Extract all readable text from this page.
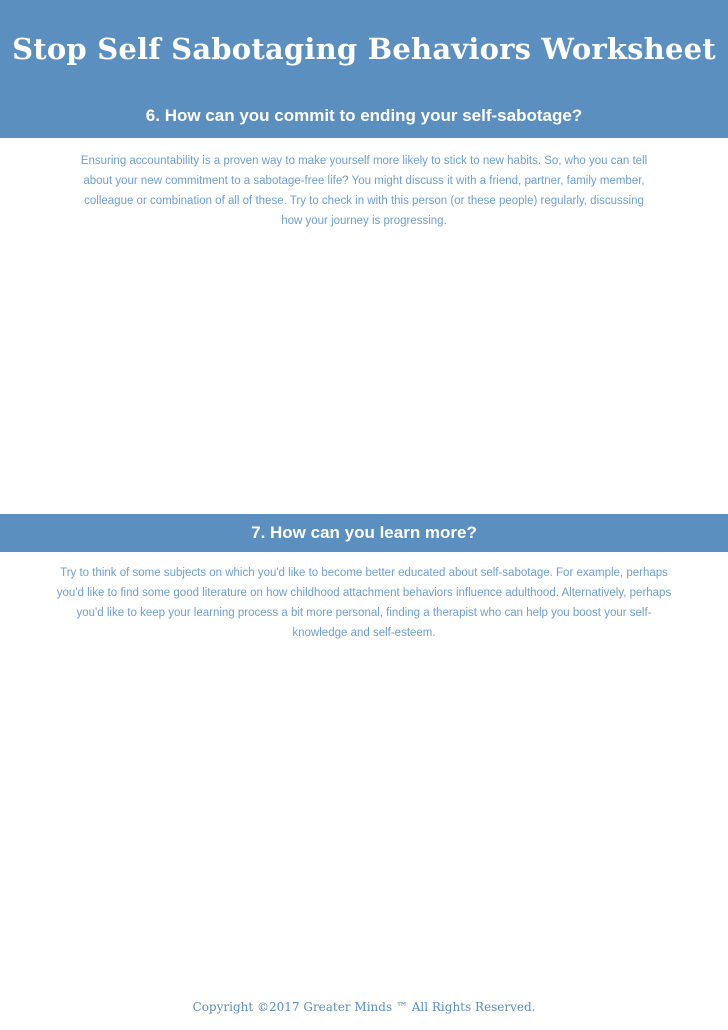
Stop Self Sabotaging Behaviors Worksheet
6. How can you commit to ending your self-sabotage?

Ensuring accountability is a proven way to make yourself more likely to stick to new habits. So, who you can tell about your new commitment to a sabotage-free life? You might discuss it with a friend, partner, family member, colleague or combination of all of these. Try to check in with this person (or these people) regularly, discussing how your journey is progressing.

7. How can you learn more?

Try to think of some subjects on which you'd like to become better educated about self-sabotage. For example, perhaps you'd like to find some good literature on how childhood attachment behaviors influence adulthood. Alternatively, perhaps you'd like to keep your learning process a bit more personal, finding a therapist who can help you boost your self-knowledge and self-esteem.

Copyright ©2017 Greater Minds ™ All Rights Reserved.
